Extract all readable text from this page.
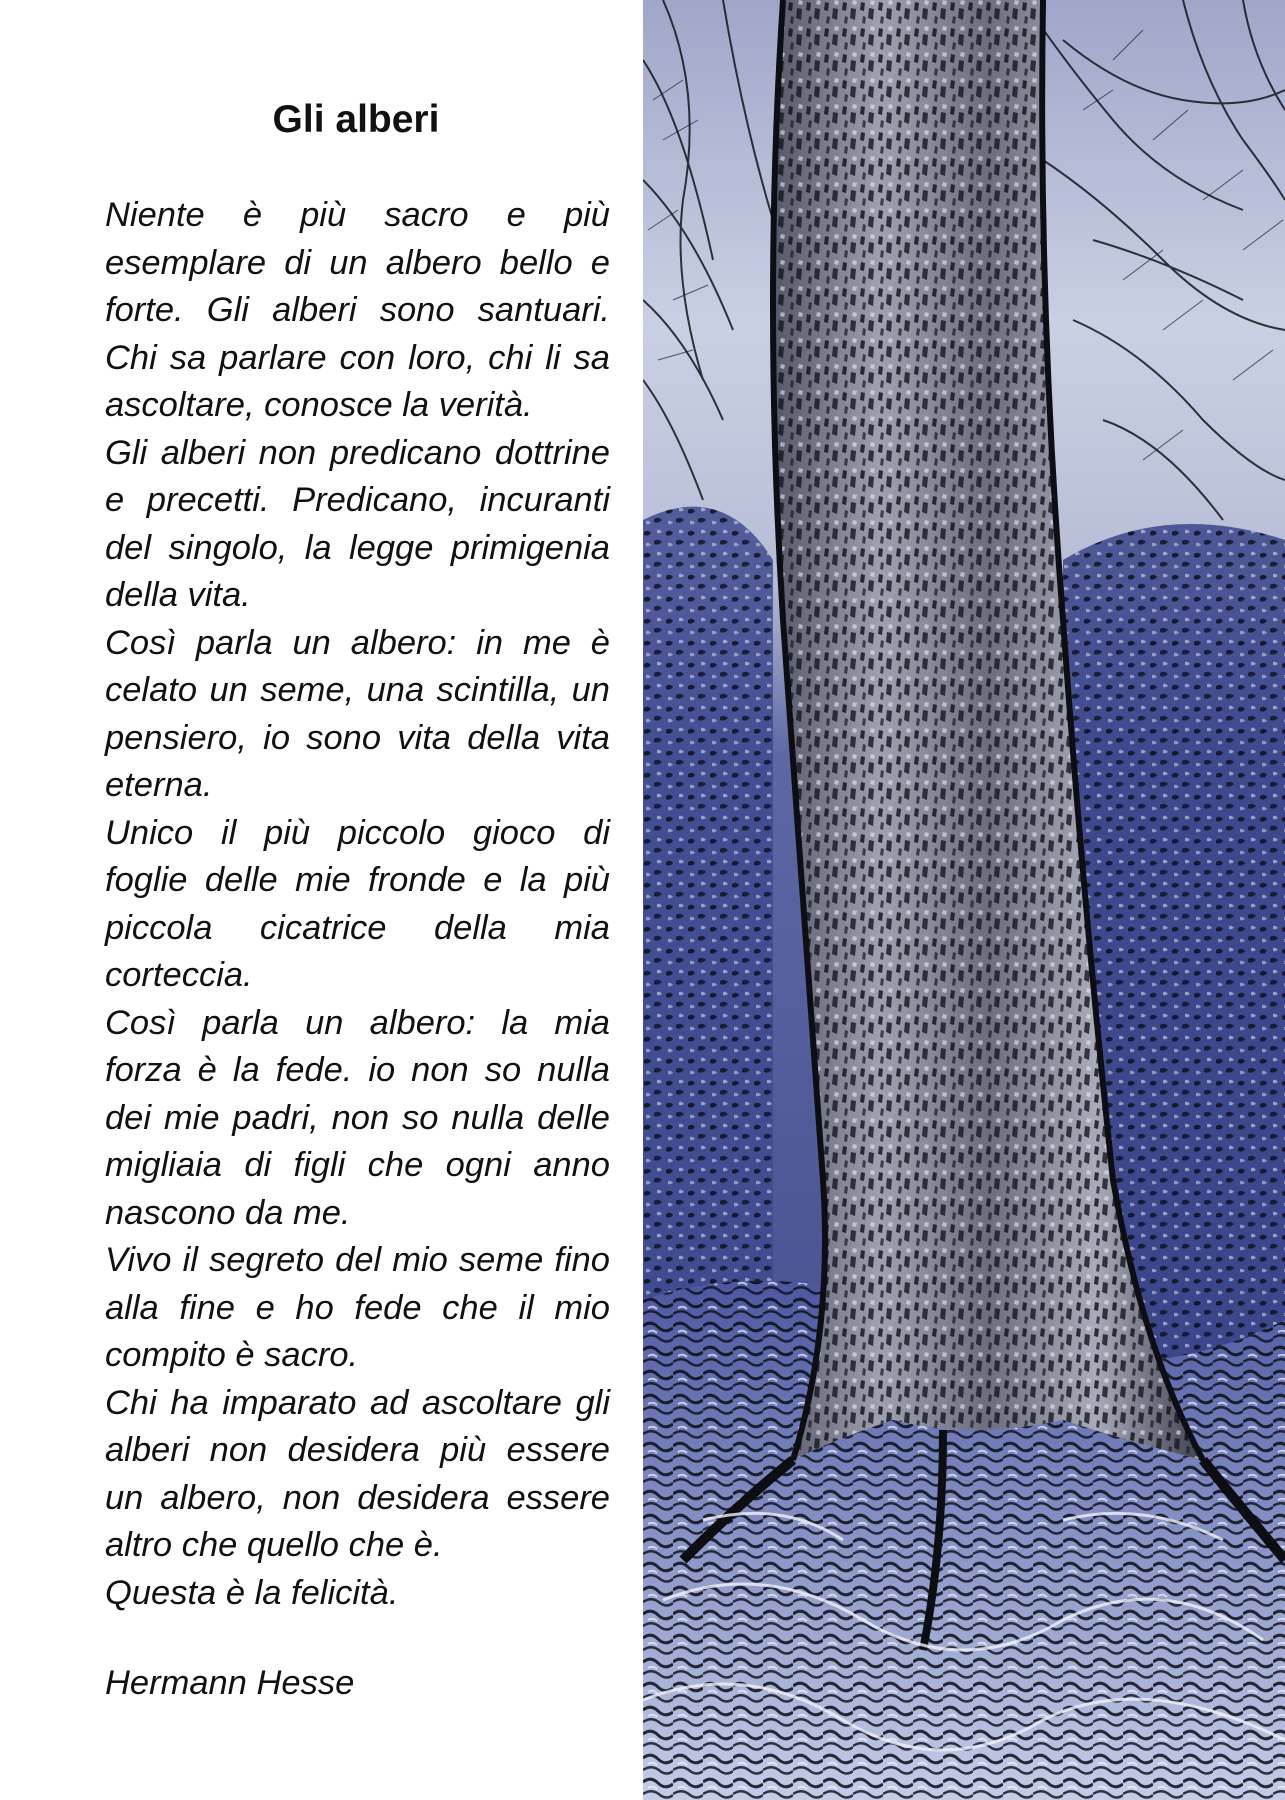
Gli alberi

Niente è più sacro e più esemplare di un albero bello e forte. Gli alberi sono santuari. Chi sa parlare con loro, chi li sa ascoltare, conosce la verità.

Gli alberi non predicano dottrine e precetti. Predicano, incuranti del singolo, la legge primigenia della vita.

Così parla un albero: in me è celato un seme, una scintilla, un pensiero, io sono vita della vita eterna.

Unico il più piccolo gioco di foglie delle mie fronde e la più piccola cicatrice della mia corteccia.

Così parla un albero: la mia forza è la fede. io non so nulla dei mie padri, non so nulla delle migliaia di figli che ogni anno nascono da me.

Vivo il segreto del mio seme fino alla fine e ho fede che il mio compito è sacro.

Chi ha imparato ad ascoltare gli alberi non desidera più essere un albero, non desidera essere altro che quello che è.

Questa è la felicità.

Hermann Hesse
